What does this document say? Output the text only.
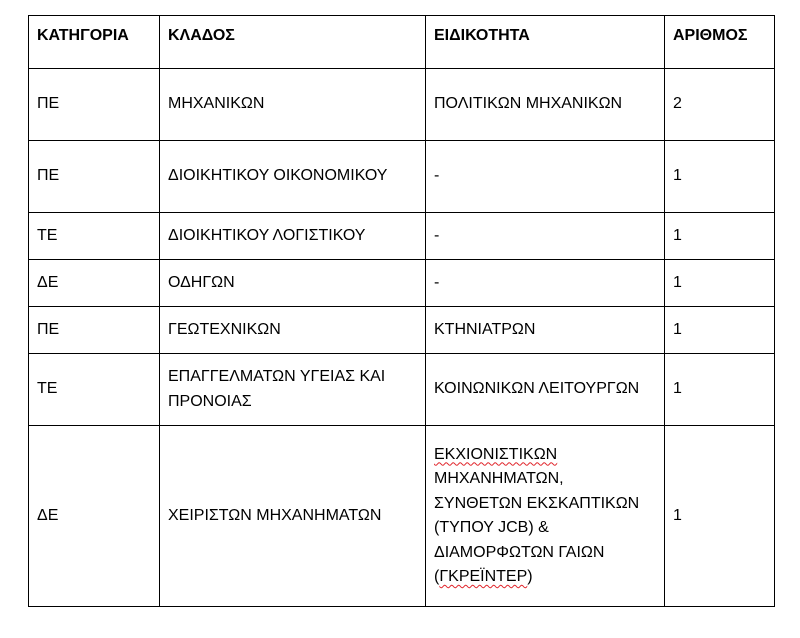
ΚΑΤΗΓΟΡΙΑ	ΚΛΑΔΟΣ	ΕΙΔΙΚΟΤΗΤΑ	ΑΡΙΘΜΟΣ
ΠΕ	ΜΗΧΑΝΙΚΩΝ	ΠΟΛΙΤΙΚΩΝ ΜΗΧΑΝΙΚΩΝ	2
ΠΕ	ΔΙΟΙΚΗΤΙΚΟΥ ΟΙΚΟΝΟΜΙΚΟΥ	-	1
ΤΕ	ΔΙΟΙΚΗΤΙΚΟΥ ΛΟΓΙΣΤΙΚΟΥ	-	1
ΔΕ	ΟΔΗΓΩΝ	-	1
ΠΕ	ΓΕΩΤΕΧΝΙΚΩΝ	ΚΤΗΝΙΑΤΡΩΝ	1
ΤΕ	ΕΠΑΓΓΕΛΜΑΤΩΝ ΥΓΕΙΑΣ ΚΑΙ ΠΡΟΝΟΙΑΣ	ΚΟΙΝΩΝΙΚΩΝ ΛΕΙΤΟΥΡΓΩΝ	1
ΔΕ	ΧΕΙΡΙΣΤΩΝ ΜΗΧΑΝΗΜΑΤΩΝ	ΕΚΧΙΟΝΙΣΤΙΚΩΝ ΜΗΧΑΝΗΜΑΤΩΝ, ΣΥΝΘΕΤΩΝ ΕΚΣΚΑΠΤΙΚΩΝ (ΤΥΠΟΥ JCB) & ΔΙΑΜΟΡΦΩΤΩΝ ΓΑΙΩΝ (ΓΚΡΕΪΝΤΕΡ)	1
